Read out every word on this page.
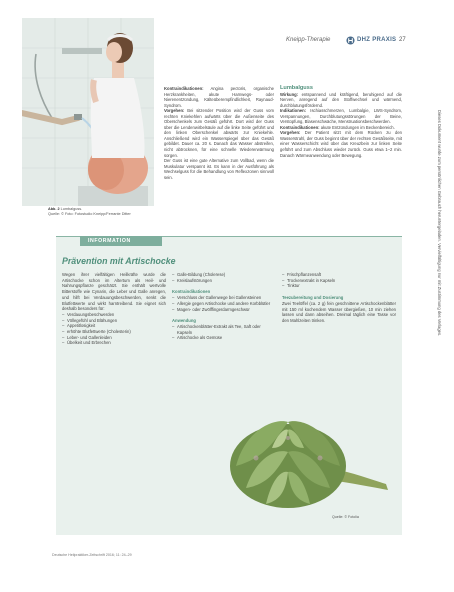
Kneipp-Therapie	DHZ PRAXIS 27
Abb. 2 Lumbalguss.
Quelle: © Foto: Fotostudio Kneipp/Ferrante Ditter
Kontraindikationen: Angina pectoris, organische Herzkrankheiten, akute Harnwegs- oder Nierenentzündung, Kälteüberempfindlichkeit, Raynaud-Syndrom.
Vorgehen: Bei sitzender Position wird der Guss vom rechten Kniekehlen aufwärts über die Außenseite des Oberschenkels zum Gesäß geführt. Dort wird der Guss über die Lendenwirbelsäule auf die linke Seite geführt und den linken Oberschenkel abwärts zur Kniekehle. Anschließend wird ein Wasserspiegel über das Gesäß gebildet. Dauer ca. 20 s. Danach das Wasser abstreifen, nicht abtrocknen, für eine schnelle Wiedererwärmung sorgen.
Der Guss ist eine gute Alternative zum Vollbad, wenn die Muskulatur verspannt ist. Es kann in der Ausführung als Wechselguss für die Behandlung von Reflexzonen sinnvoll sein.
Lumbalguss
Wirkung: entspannend und kräftigend, beruhigend auf die Nerven, anregend auf den Stoffwechsel und wärmend, durchblutungsfördernd.
Indikationen: Ischiasschmerzen, Lumbalgie, LWS-Syndrom, Verspannungen, Durchblutungsstörungen der Beine, Verstopfung, Blasenschwäche, Menstruationsbeschwerden.
Kontraindikationen: akute Entzündungen im Beckenbereich.
Vorgehen: Der Patient sitzt mit dem Rücken zu den Wasserstrahl, der Guss beginnt über der rechten Gesäßseite, mit einer Wasserschicht wird über das Kreuzbein zur linken Seite geführt und zum Abschluss wieder zurück. Guss etwa 1–2 min. Danach Wärmeanwendung oder Bewegung.
INFORMATION
Prävention mit Artischocke
Wegen ihrer vielfältigen Heilkräfte wurde die Artischocke schon im Altertum als Heil- und Nahrungspflanze geschätzt. Sie enthält wertvolle Bitterstoffe wie Cynarin, die Leber und Galle anregen, und hilft bei Verdauungsbeschwerden, senkt die Blutfettwerte und wirkt harntreibend. Sie eignet sich deshalb besonders für:
– Verdauungsbeschwerden
– Völlegefühl und Blähungen
– Appetitlosigkeit
– erhöhte Blutfettwerte (Cholesterin)
– Leber- und Gallenleiden
– Übelkeit und Erbrechen
– Galle-Bildung (Cholerese)
– Kreislaufstörungen
Kontraindikationen
– Verschluss der Gallenwege bei Gallensteinen
– Allergie gegen Artischocke und andere Korbblütler
– Magen- oder Zwölffingerdarmgeschwür
Anwendung
– Artischockenblätter-Extrakt als Tee, Saft oder Kapseln
– Artischocke als Gemüse
– Frischpflanzensaft
– Trockenextrakt in Kapseln
– Tinktur
Teezubereitung und Dosierung
Zwei Teelöffel (ca. 2 g) fein geschnittene Artischockenblätter mit 150 ml kochendem Wasser übergießen, 10 min ziehen lassen und dann abseihen. Dreimal täglich eine Tasse vor den Mahlzeiten trinken.
Quelle: © Fotolia
Deutsche Heilpraktiker-Zeitschrift 2016; 11: 24–29
Dieses Dokument wurde zum persönlichen Gebrauch heruntergeladen. Vervielfältigung nur mit Zustimmung des Verlages.
